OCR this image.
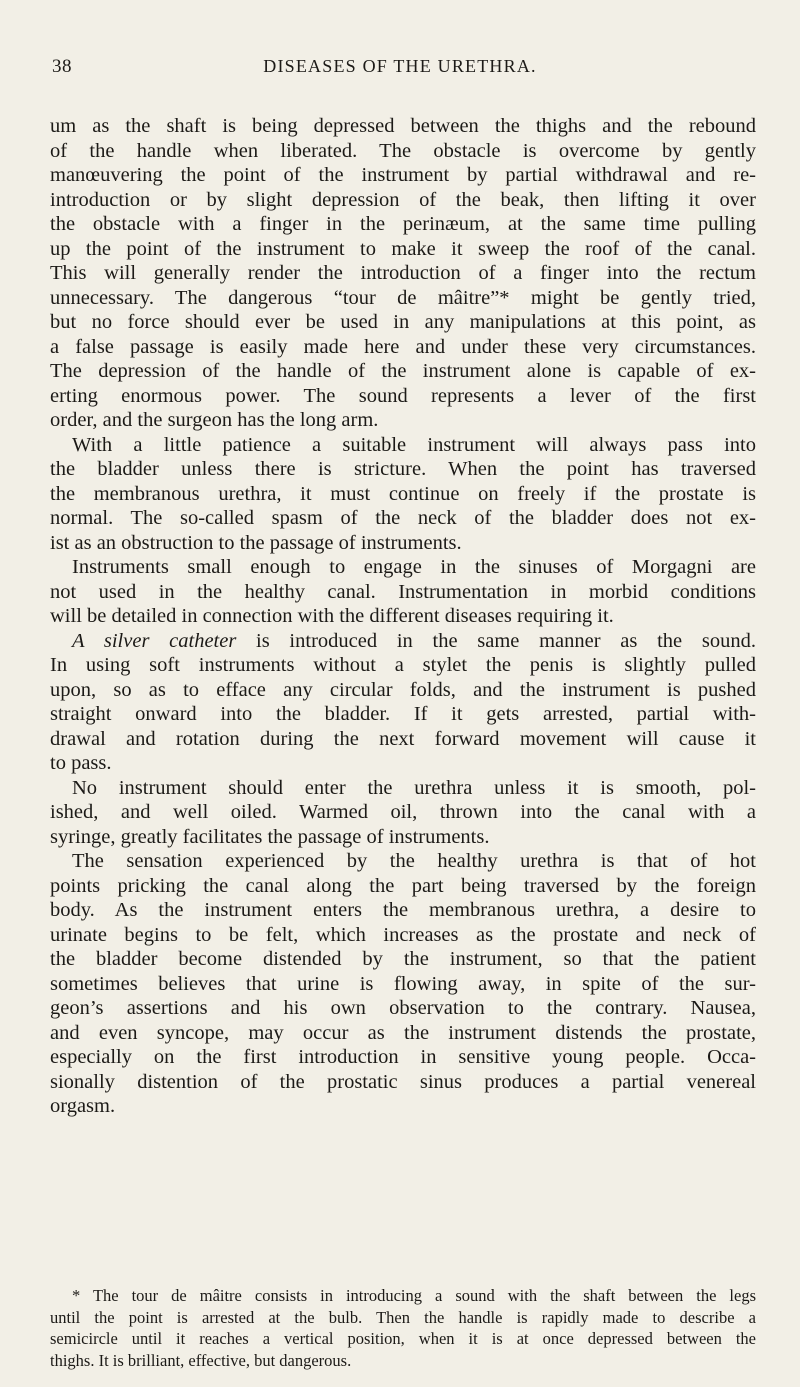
38	DISEASES OF THE URETHRA.
um as the shaft is being depressed between the thighs and the rebound
of the handle when liberated. The obstacle is overcome by gently
manœuvering the point of the instrument by partial withdrawal and re-
introduction or by slight depression of the beak, then lifting it over
the obstacle with a finger in the perinæum, at the same time pulling
up the point of the instrument to make it sweep the roof of the canal.
This will generally render the introduction of a finger into the rectum
unnecessary. The dangerous “tour de mâitre”* might be gently tried,
but no force should ever be used in any manipulations at this point, as
a false passage is easily made here and under these very circumstances.
The depression of the handle of the instrument alone is capable of ex-
erting enormous power. The sound represents a lever of the first
order, and the surgeon has the long arm.
With a little patience a suitable instrument will always pass into
the bladder unless there is stricture. When the point has traversed
the membranous urethra, it must continue on freely if the prostate is
normal. The so-called spasm of the neck of the bladder does not ex-
ist as an obstruction to the passage of instruments.
Instruments small enough to engage in the sinuses of Morgagni are
not used in the healthy canal. Instrumentation in morbid conditions
will be detailed in connection with the different diseases requiring it.
A silver catheter is introduced in the same manner as the sound.
In using soft instruments without a stylet the penis is slightly pulled
upon, so as to efface any circular folds, and the instrument is pushed
straight onward into the bladder. If it gets arrested, partial with-
drawal and rotation during the next forward movement will cause it
to pass.
No instrument should enter the urethra unless it is smooth, pol-
ished, and well oiled. Warmed oil, thrown into the canal with a
syringe, greatly facilitates the passage of instruments.
The sensation experienced by the healthy urethra is that of hot
points pricking the canal along the part being traversed by the foreign
body. As the instrument enters the membranous urethra, a desire to
urinate begins to be felt, which increases as the prostate and neck of
the bladder become distended by the instrument, so that the patient
sometimes believes that urine is flowing away, in spite of the sur-
geon’s assertions and his own observation to the contrary. Nausea,
and even syncope, may occur as the instrument distends the prostate,
especially on the first introduction in sensitive young people. Occa-
sionally distention of the prostatic sinus produces a partial venereal
orgasm.
* The tour de mâitre consists in introducing a sound with the shaft between the legs
until the point is arrested at the bulb. Then the handle is rapidly made to describe a
semicircle until it reaches a vertical position, when it is at once depressed between the
thighs. It is brilliant, effective, but dangerous.
